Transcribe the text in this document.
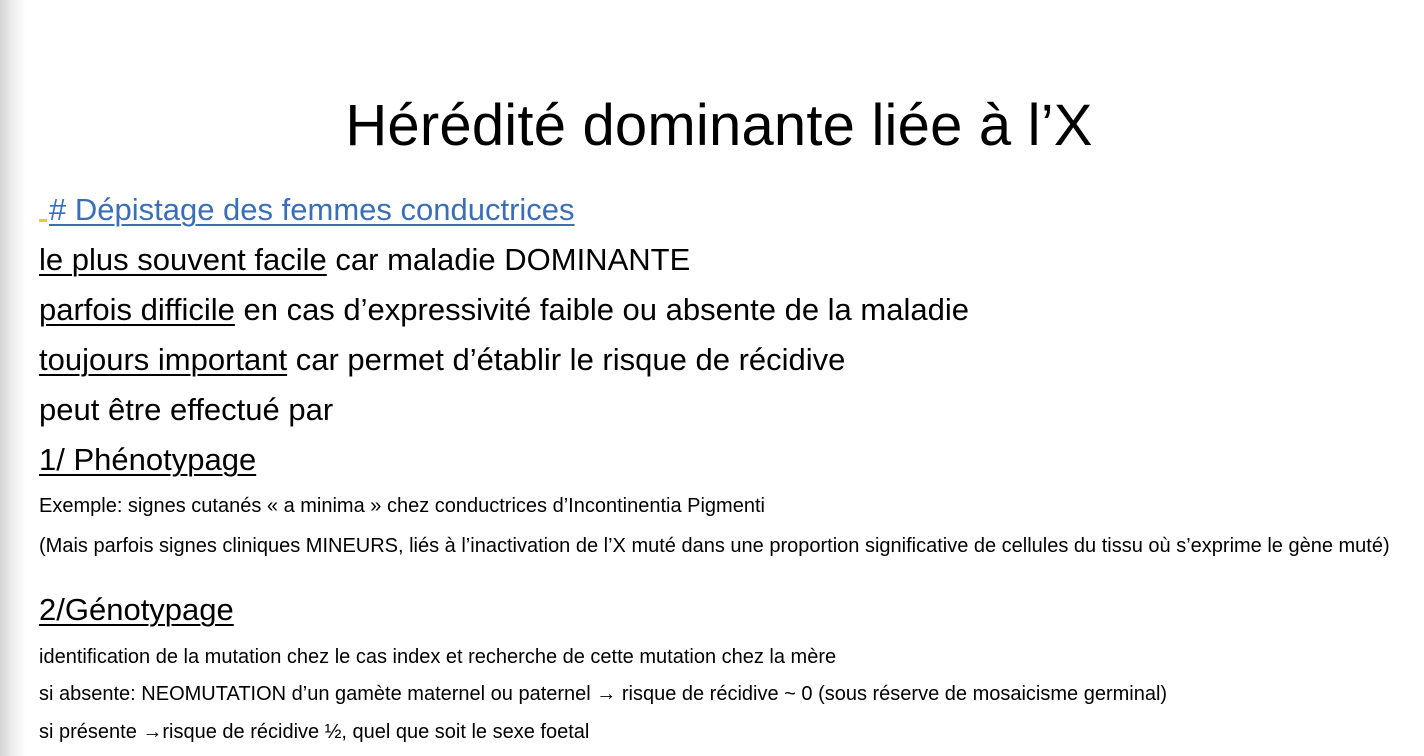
Hérédité dominante liée à l’X
# Dépistage des femmes conductrices
le plus souvent facile car maladie DOMINANTE
parfois difficile en cas d’expressivité faible ou absente de la maladie
toujours important car permet d’établir le risque de récidive
peut être effectué par
1/ Phénotypage
Exemple: signes cutanés « a minima » chez conductrices d’Incontinentia Pigmenti
(Mais parfois signes cliniques MINEURS, liés à l’inactivation de l’X muté dans une proportion significative de cellules du tissu où s’exprime le gène muté)
2/Génotypage
identification de la mutation chez le cas index et recherche de cette mutation chez la mère
si absente: NEOMUTATION d’un gamète maternel ou paternel → risque de récidive ~ 0 (sous réserve de mosaicisme germinal)
si présente →risque de récidive ½, quel que soit le sexe foetal
